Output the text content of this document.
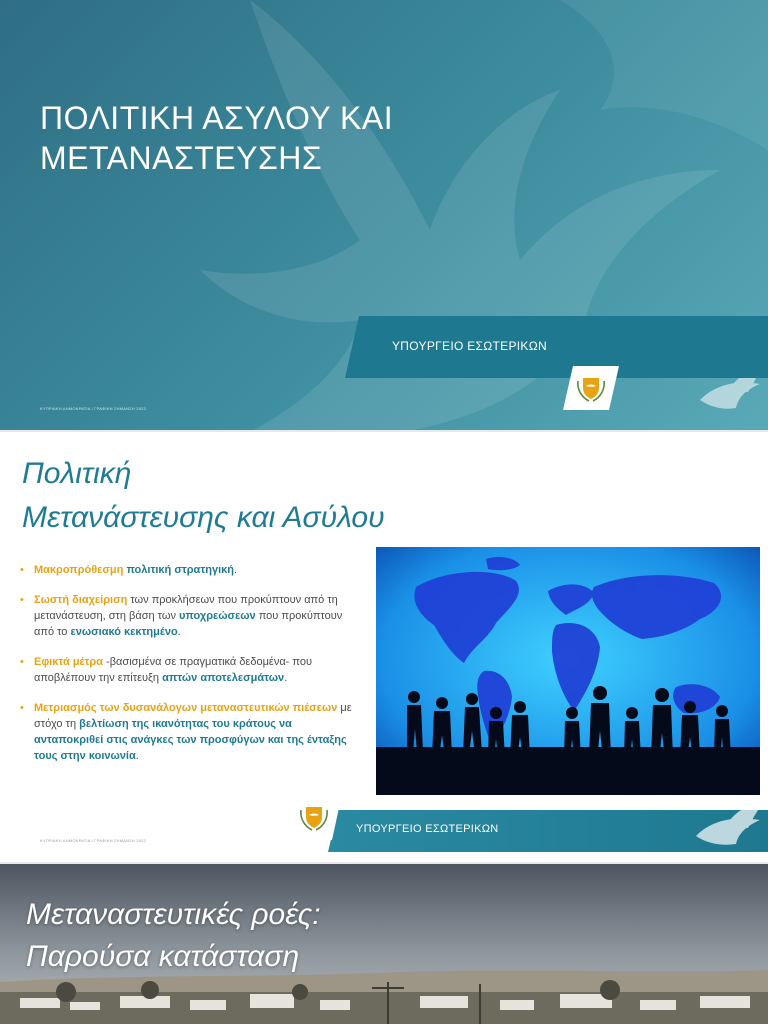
ΠΟΛΙΤΙΚΗ ΑΣΥΛΟΥ ΚΑΙ ΜΕΤΑΝΑΣΤΕΥΣΗΣ
ΥΠΟΥΡΓΕΙΟ ΕΣΩΤΕΡΙΚΩΝ
ΚΥΠΡΙΑΚΗ ΔΗΜΟΚΡΑΤΙΑ / ΓΡΑΦΙΚΗ ΣΗΜΑΝΣΗ 2022
Πολιτική
Μετανάστευσης και Ασύλου
• Μακροπρόθεσμη πολιτική στρατηγική.
• Σωστή διαχείριση των προκλήσεων που προκύπτουν από τη μετανάστευση, στη βάση των υποχρεώσεων που προκύπτουν από το ενωσιακό κεκτημένο.
• Εφικτά μέτρα -βασισμένα σε πραγματικά δεδομένα- που αποβλέπουν την επίτευξη απτών αποτελεσμάτων.
• Μετριασμός των δυσανάλογων μεταναστευτικών πιέσεων με στόχο τη βελτίωση της ικανότητας του κράτους να ανταποκριθεί στις ανάγκες των προσφύγων και της ένταξης τους στην κοινωνία.
ΥΠΟΥΡΓΕΙΟ ΕΣΩΤΕΡΙΚΩΝ
ΚΥΠΡΙΑΚΗ ΔΗΜΟΚΡΑΤΙΑ / ΓΡΑΦΙΚΗ ΣΗΜΑΝΣΗ 2022
Μεταναστευτικές ροές:
Παρούσα κατάσταση
